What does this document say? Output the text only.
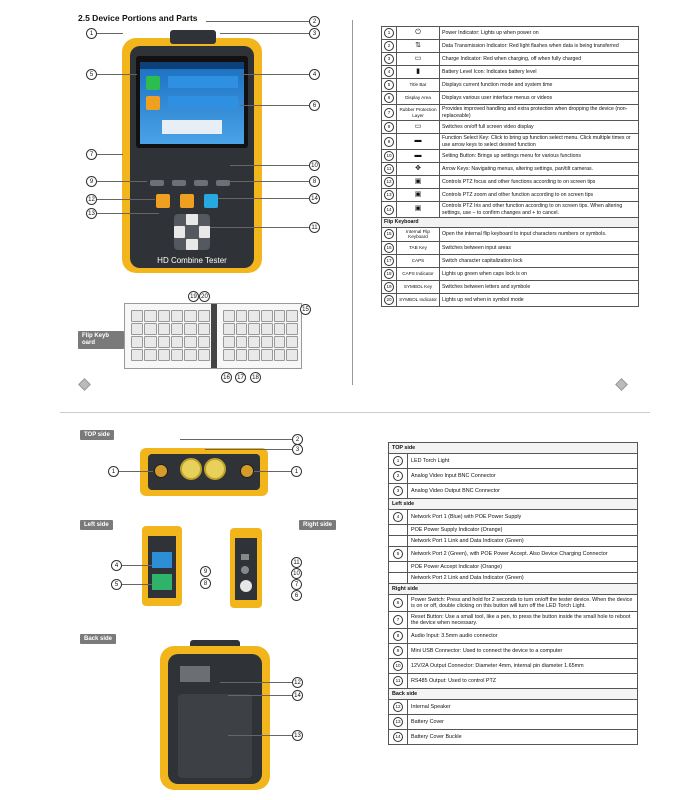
2.5 Device Portions and Parts
HD Combine Tester
1
5
7
9
12
13
2
3
4
6
10
8
14
11
Flip Keyb oard
19 20
15
16	17	18
1	⏻	Power Indicator: Lights up when power on
2	⇅	Data Transmission Indicator: Red light flashes when data is being transferred
3	▭	Charge Indicator: Red when charging, off when fully charged
4	▮	Battery Level Icon: Indicates battery level
5	Title Bar	Displays current function mode and system time
6	Display Area	Displays various user interface menus or videos
7	Rubber Protection Layer	Provides improved handling and extra protection when dropping the device (non-replaceable)
8	▭	Switches on/off full screen video display
9	▬	Function Select Key: Click to bring up function select menu. Click multiple times or use arrow keys to select desired function
10	▬	Setting Button: Brings up settings menu for various functions
11	✥	Arrow Keys: Navigating menus, altering settings, pan/tilt cameras.
12	▣	Controls PTZ focus and other functions according to on screen tips
13	▣	Controls PTZ zoom and other function according to on screen tips
14	▣	Controls PTZ Iris and other function according to on screen tips. When altering settings, use – to confirm changes and + to cancel.
Flip Keyboard		
15	Internal Flip Keyboard	Open the internal flip keyboard to input characters numbers or symbols.
16	TAB Key	Switches between input areas
17	CAPS	Switch character capitalization lock
18	CAPS Indicator	Lights up green when caps lock is on
19	SYMBOL Key	Switches between letters and symbole
20	SYMBOL Indicator	Lights up red when in symbol mode
TOP side
1	1
2
3
Left side	Right side
4
5
9
8
11
10
7
6
Back side
12
14
13
TOP side	
1	LED Torch Light
2	Analog Video Input BNC Connector
3	Analog Video Output BNC Connector
Left side	
4	Network Port 1 (Blue) with POE Power Supply
	POE Power Supply Indicator (Orange)
	Network Port 1 Link and Data Indicator (Green)
5	Network Port 2 (Green), with POE Power Accept. Also Device Charging Connector
	POE Power Accept Indicator (Orange)
	Network Port 2 Link and Data Indicator (Green)
Right side	
6	Power Switch: Press and hold for 2 seconds to turn on/off the tester device. When the device is on or off, double clicking on this button will turn off the LED Torch Light.
7	Reset Button: Use a small tool, like a pen, to press the button inside the small hole to reboot the device when necessary.
8	Audio Input: 3.5mm audio connector
9	Mini USB Connector: Used to connect the device to a computer
10	12V/2A Output Connector: Diameter 4mm, internal pin diameter 1.65mm
11	RS485 Output: Used to control PTZ
Back side	
12	Internal Speaker
13	Battery Cover
14	Battery Cover Buckle
